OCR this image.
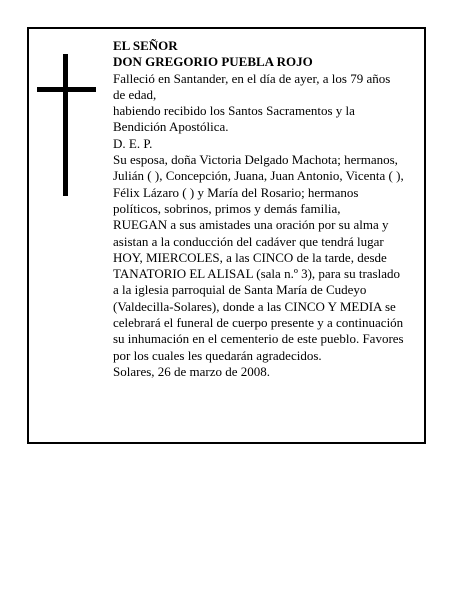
EL SEÑOR
DON GREGORIO PUEBLA ROJO
Falleció en Santander, en el día de ayer, a los 79 años
de edad,
habiendo recibido los Santos Sacramentos y la
Bendición Apostólica.
D. E. P.
Su esposa, doña Victoria Delgado Machota; hermanos,
Julián ( ), Concepción, Juana, Juan Antonio, Vicenta ( ),
Félix Lázaro ( ) y María del Rosario; hermanos
políticos, sobrinos, primos y demás familia,
RUEGAN a sus amistades una oración por su alma y
asistan a la conducción del cadáver que tendrá lugar
HOY, MIERCOLES, a las CINCO de la tarde, desde
TANATORIO EL ALISAL (sala n.º 3), para su traslado
a la iglesia parroquial de Santa María de Cudeyo
(Valdecilla-Solares), donde a las CINCO Y MEDIA se
celebrará el funeral de cuerpo presente y a continuación
su inhumación en el cementerio de este pueblo. Favores
por los cuales les quedarán agradecidos.
Solares, 26 de marzo de 2008.
